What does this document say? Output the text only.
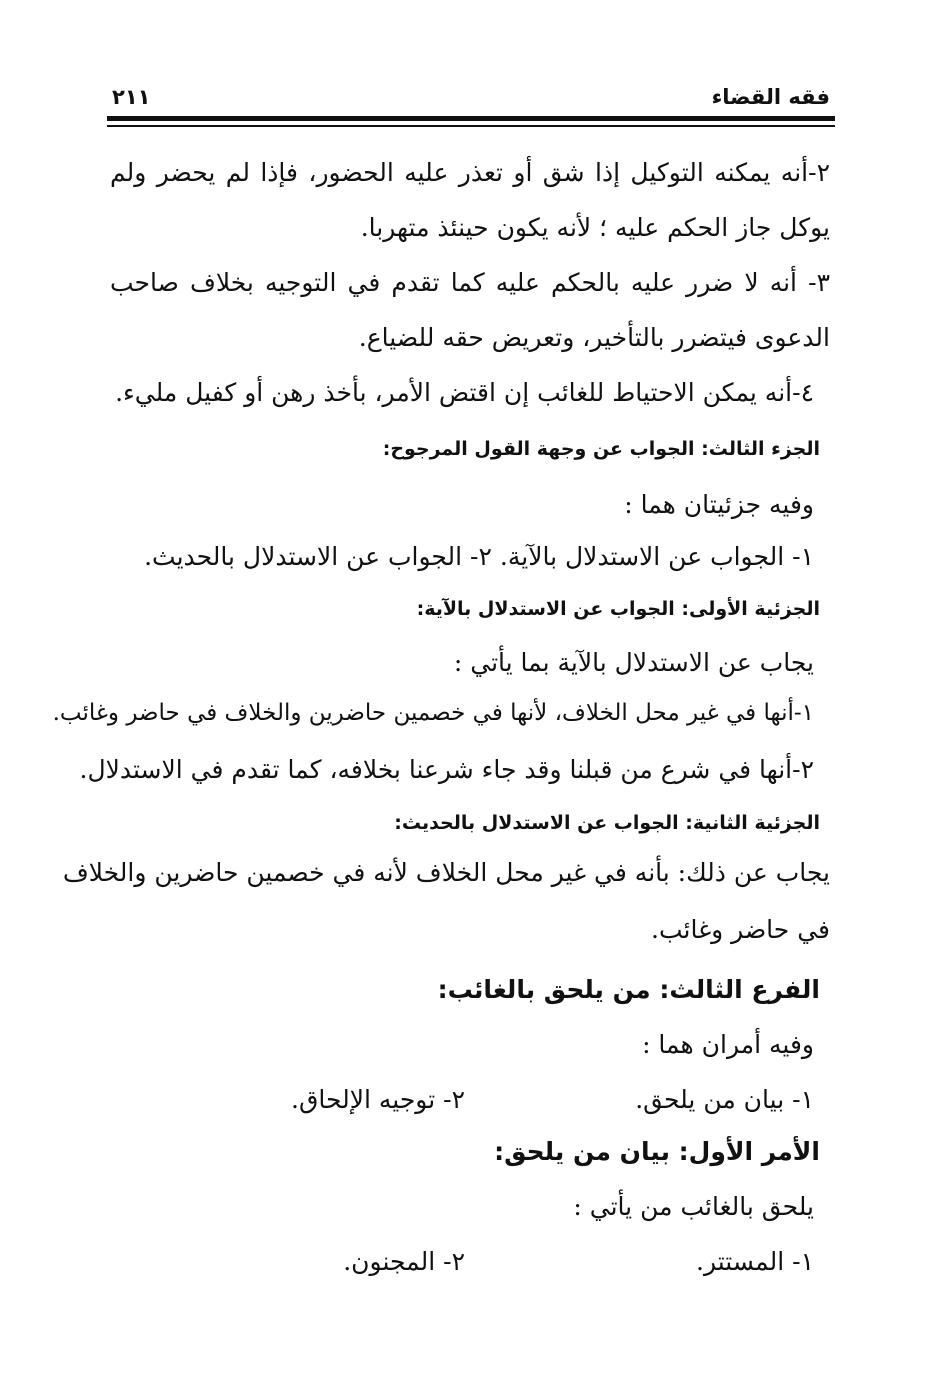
فقه القضاء
٢١١
٢-أنه يمكنه التوكيل إذا شق أو تعذر عليه الحضور، فإذا لم يحضر ولم
يوكل جاز الحكم عليه ؛ لأنه يكون حينئذ متهربا.
٣- أنه لا ضرر عليه بالحكم عليه كما تقدم في التوجيه بخلاف صاحب
الدعوى فيتضرر بالتأخير، وتعريض حقه للضياع.
٤-أنه يمكن الاحتياط للغائب إن اقتض الأمر، بأخذ رهن أو كفيل مليء.
الجزء الثالث: الجواب عن وجهة القول المرجوح:
وفيه جزئيتان هما :
١- الجواب عن الاستدلال بالآية. ٢- الجواب عن الاستدلال بالحديث.
الجزئية الأولى: الجواب عن الاستدلال بالآية:
يجاب عن الاستدلال بالآية بما يأتي :
١-أنها في غير محل الخلاف، لأنها في خصمين حاضرين والخلاف في حاضر وغائب.
٢-أنها في شرع من قبلنا وقد جاء شرعنا بخلافه، كما تقدم في الاستدلال.
الجزئية الثانية: الجواب عن الاستدلال بالحديث:
يجاب عن ذلك: بأنه في غير محل الخلاف لأنه في خصمين حاضرين والخلاف
في حاضر وغائب.
الفرع الثالث: من يلحق بالغائب:
وفيه أمران هما :
١- بيان من يلحق.
٢- توجيه الإلحاق.
الأمر الأول: بيان من يلحق:
يلحق بالغائب من يأتي :
١- المستتر.
٢- المجنون.
